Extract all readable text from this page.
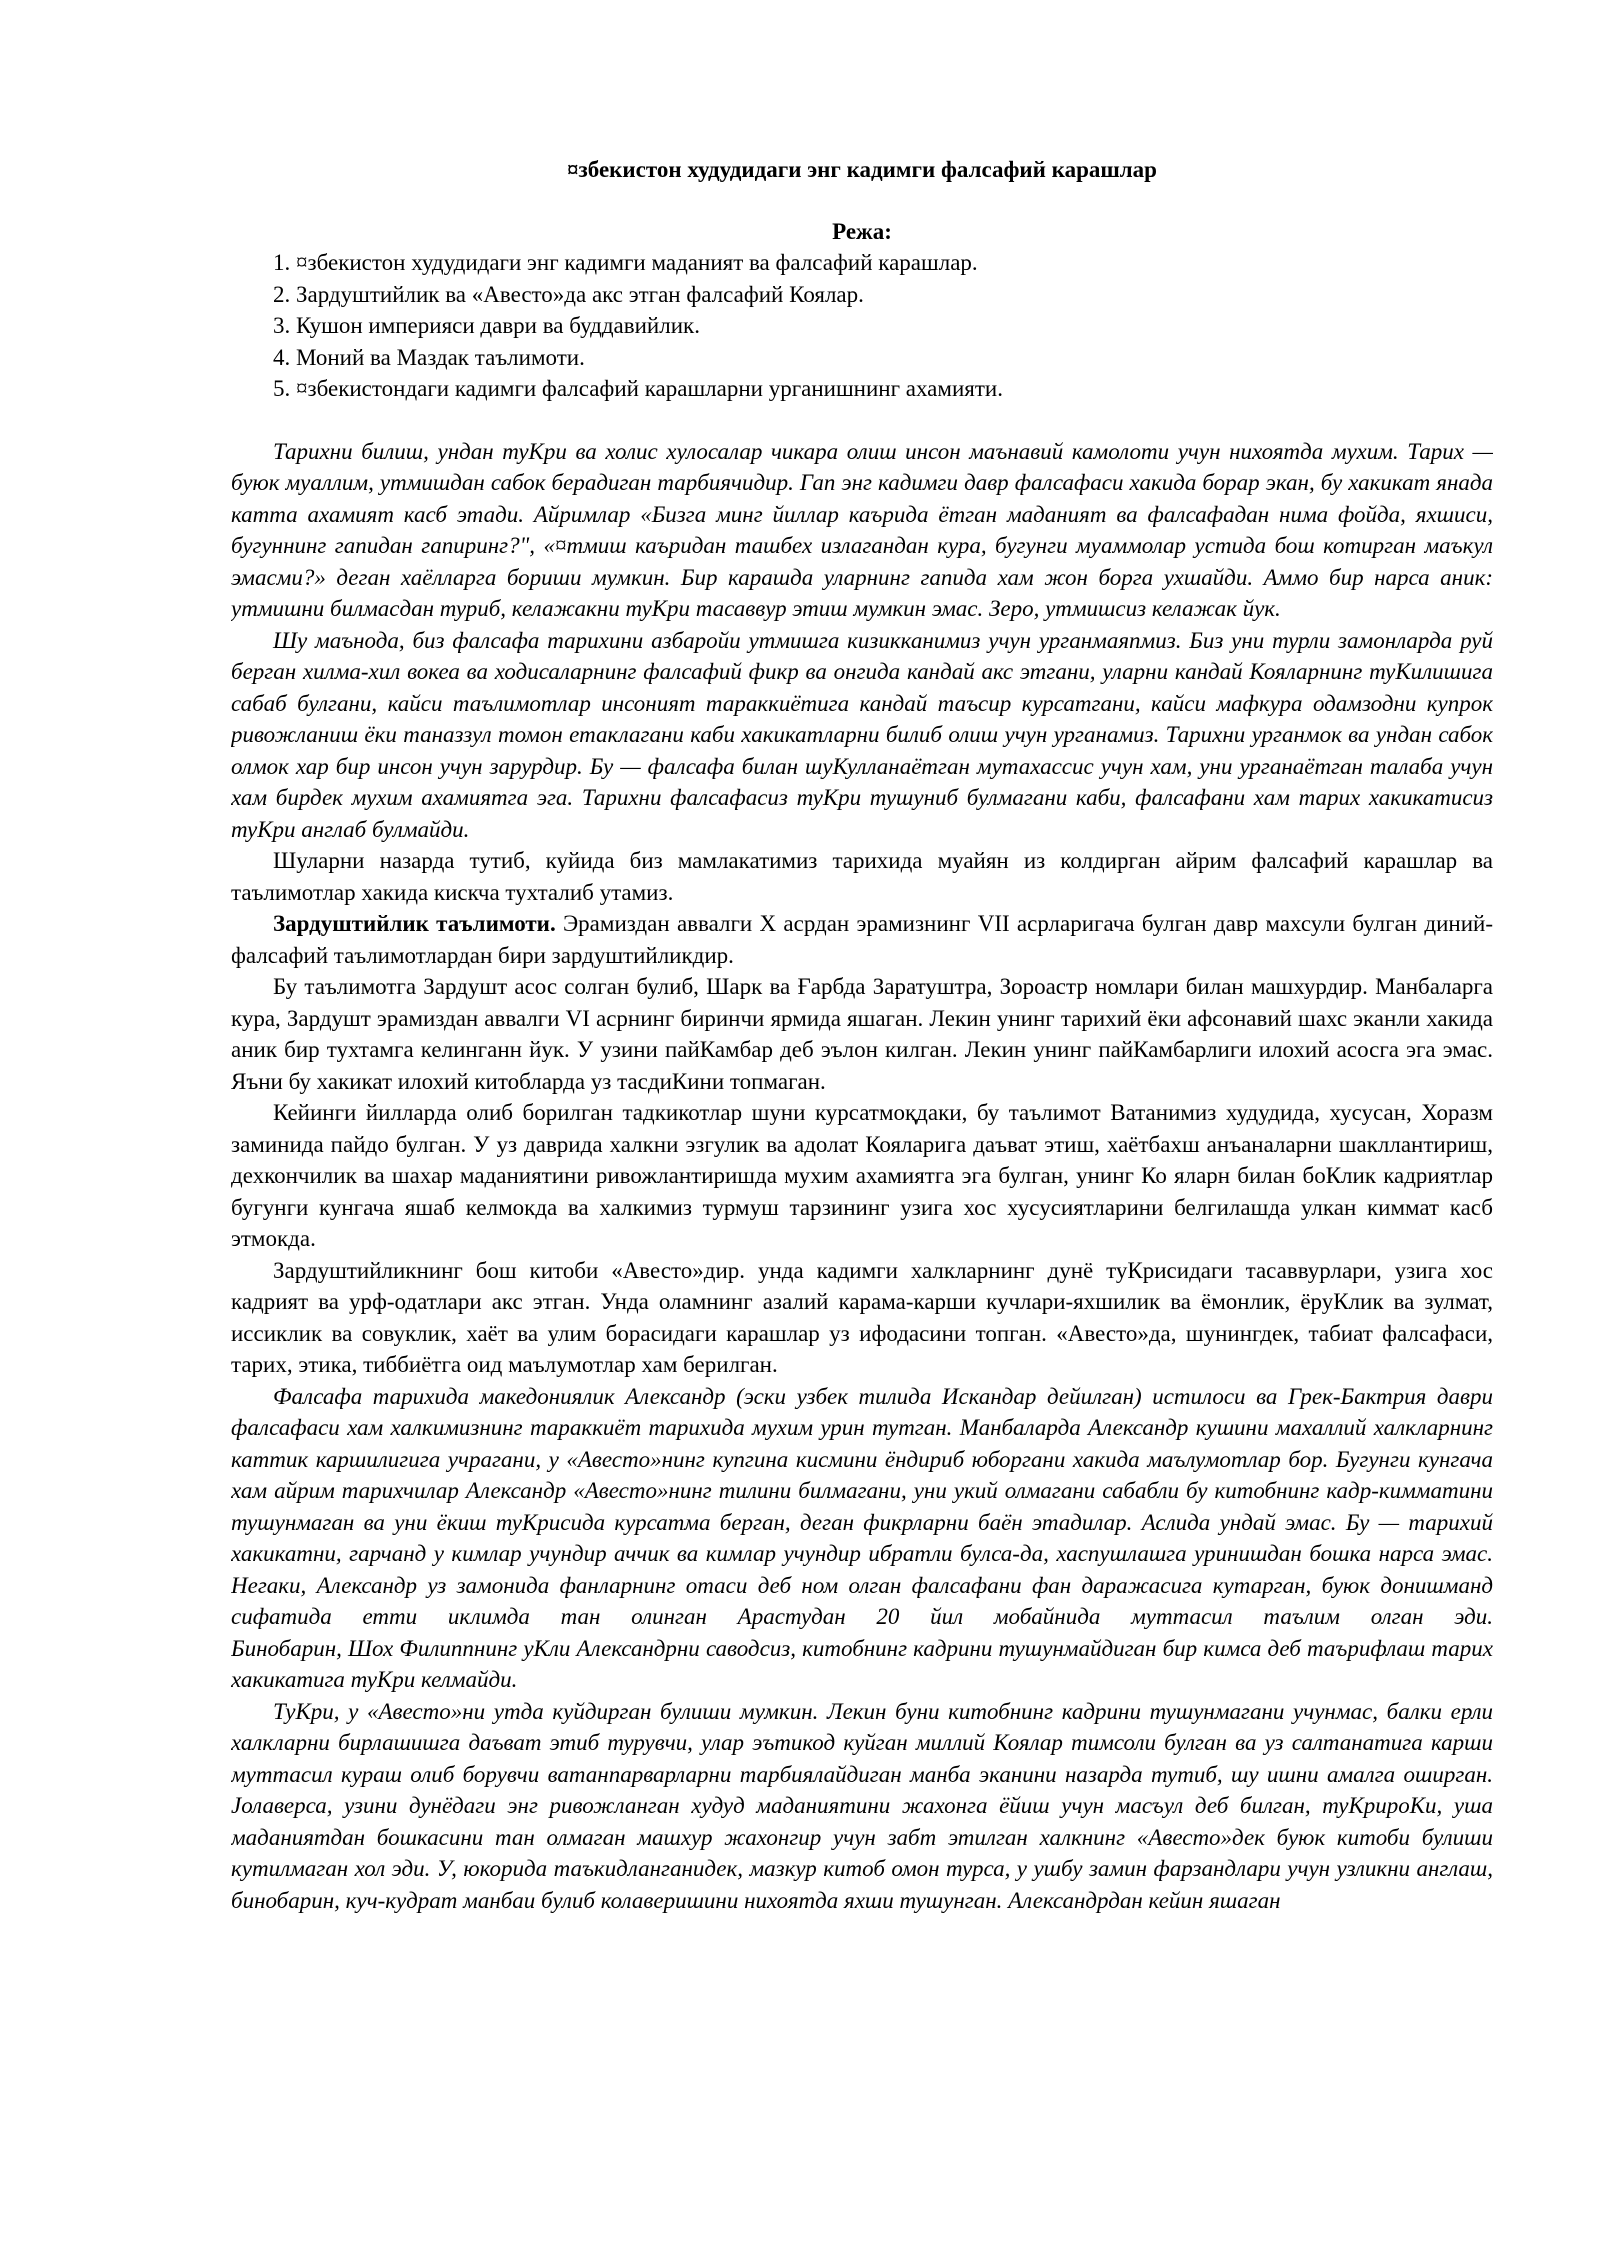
¤збекистон худудидаги энг кадимги фалсафий карашлар
Режа:
1. ¤збекистон худудидаги энг кадимги маданият ва фалсафий карашлар.
2. Зардуштийлик ва «Авесто»да акс этган фалсафий Коялар.
3. Кушон империяси даври ва буддавийлик.
4. Моний ва Маздак таълимоти.
5. ¤збекистондаги кадимги фалсафий карашларни урганишнинг ахамияти.

Тарихни билиш, ундан туКри ва холис хулосалар чикара олиш инсон маънавий камолоти учун нихоятда мухим. Тарих — буюк муаллим, утмишдан сабок берадиган тарбиячидир. Гап энг кадимги давр фалсафаси хакида борар экан, бу хакикат янада катта ахамият касб этади. Айримлар «Бизга минг йиллар каърида ётган маданият ва фалсафадан нима фойда, яхшиси, бугуннинг гапидан гапиринг?", «¤тмиш каъридан ташбех излагандан кура, бугунги муаммолар устида бош котирган маъкул эмасми?» деган хаёлларга бориши мумкин. Бир карашда уларнинг гапида хам жон борга ухшайди. Аммо бир нарса аник: утмишни билмасдан туриб, келажакни туКри тасаввур этиш мумкин эмас. Зеро, утмишсиз келажак йук.

Шу маънода, биз фалсафа тарихини азбаройи утмишга кизикканимиз учун урганмаяпмиз. Биз уни турли замонларда руй берган хилма-хил вокеа ва ходисаларнинг фалсафий фикр ва онгида кандай акс этгани, уларни кандай Кояларнинг туКилишига сабаб булгани, кайси таълимотлар инсоният тараккиётига кандай таъсир курсатгани, кайси мафкура одамзодни купрок ривожланиш ёки таназзул томон етаклагани каби хакикатларни билиб олиш учун урганамиз. Тарихни урганмок ва ундан сабок олмок хар бир инсон учун зарурдир. Бу — фалсафа билан шуКулланаётган мутахассис учун хам, уни урганаётган талаба учун хам бирдек мухим ахамиятга эга. Тарихни фалсафасиз туКри тушуниб булмагани каби, фалсафани хам тарих хакикатисиз туКри англаб булмайди.

Шуларни назарда тутиб, куйида биз мамлакатимиз тарихида муайян из колдирган айрим фалсафий карашлар ва таълимотлар хакида кискча тухталиб утамиз.

Зардуштийлик таълимоти. Эрамиздан аввалги X асрдан эрамизнинг VII асрларигача булган давр махсули булган диний-фалсафий таълимотлардан бири зардуштийликдир.

Бу таълимотга Зардушт асос солган булиб, Шарк ва Ғарбда Заратуштра, Зороастр номлари билан машхурдир. Манбаларга кура, Зардушт эрамиздан аввалги VI асрнинг биринчи ярмида яшаган. Лекин унинг тарихий ёки афсонавий шахс эканли хакида аник бир тухтамга келинганн йук. У узини пайКамбар деб эълон килган. Лекин унинг пайКамбарлиги илохий асосга эга эмас. Яъни бу хакикат илохий китобларда уз тасдиКини топмаган.

Кейинги йилларда олиб борилган тадкикотлар шуни курсатмоқдаки, бу таълимот Ватанимиз худудида, хусусан, Хоразм заминида пайдо булган. У уз даврида халкни эзгулик ва адолат Кояларига даъват этиш, хаётбахш анъаналарни шакллантириш, дехкончилик ва шахар маданиятини ривожлантиришда мухим ахамиятга эга булган, унинг Ко яларн билан боКлик кадриятлар бугунги кунгача яшаб келмокда ва халкимиз турмуш тарзининг узига хос хусусиятларини белгилашда улкан киммат касб этмокда.

Зардуштийликнинг бош китоби «Авесто»дир. унда кадимги халкларнинг дунё туКрисидаги тасаввурлари, узига хос кадрият ва урф-одатлари акс этган. Унда оламнинг азалий карама-карши кучлари-яхшилик ва ёмонлик, ёруКлик ва зулмат, иссиклик ва совуклик, хаёт ва улим борасидаги карашлар уз ифодасини топган. «Авесто»да, шунингдек, табиат фалсафаси, тарих, этика, тиббиётга оид маълумотлар хам берилган.

Фалсафа тарихида македониялик Александр (эски узбек тилида Искандар дейилган) истилоси ва Грек-Бактрия даври фалсафаси хам халкимизнинг тараккиёт тарихида мухим урин тутган. Манбаларда Александр кушини махаллий халкларнинг каттик каршилигига учрагани, у «Авесто»нинг купгина кисмини ёндириб юборгани хакида маълумотлар бор. Бугунги кунгача хам айрим тарихчилар Александр «Авесто»нинг тилини билмагани, уни укий олмагани сабабли бу китобнинг кадр-кимматини тушунмаган ва уни ёкиш туКрисида курсатма берган, деган фикрларни баён этадилар. Аслида ундай эмас. Бу — тарихий хакикатни, гарчанд у кимлар учундир аччик ва кимлар учундир ибратли булса-да, хаспушлашга уринишдан бошка нарса эмас. Негаки, Александр уз замонида фанларнинг отаси деб ном олган фалсафани фан даражасига кутарган, буюк донишманд сифатида етти иклимда тан олинган Арастудан 20 йил мобайнида муттасил таълим олган эди.

Бинобарин, Шох Филиппнинг уКли Александрни саводсиз, китобнинг кадрини тушунмайдиган бир кимса деб таърифлаш тарих хакикатига туКри келмайди.

ТуКри, у «Авесто»ни утда куйдирган булиши мумкин. Лекин буни китобнинг кадрини тушунмагани учунмас, балки ерли халкларни бирлашишга даъват этиб турувчи, улар эътикод куйган миллий Коялар тимсоли булган ва уз салтанатига карши муттасил кураш олиб борувчи ватанпарварларни тарбиялайдиган манба эканини назарда тутиб, шу ишни амалга оширган. Јолаверса, узини дунёдаги энг ривожланган худуд маданиятини жахонга ёйиш учун масъул деб билган, туКрироКи, уша маданиятдан бошкасини тан олмаган машхур жахонгир учун забт этилган халкнинг «Авесто»дек буюк китоби булиши кутилмаган хол эди. У, юкорида таъкидланганидек, мазкур китоб омон турса, у ушбу замин фарзандлари учун узликни англаш, бинобарин, куч-кудрат манбаи булиб колаверишини нихоятда яхши тушунган. Александрдан кейин яшаган
